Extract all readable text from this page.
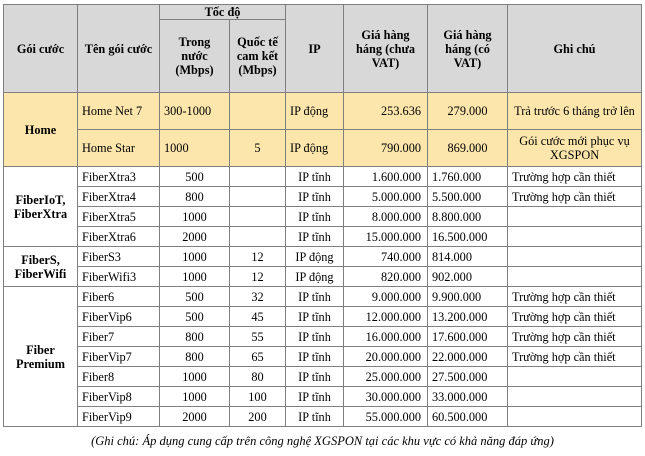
Gói cước	Tên gói cước	Tốc độ		IP	Giá hàng háng (chưa VAT)	Giá hàng háng (có VAT)	Ghi chú
		Trong nước (Mbps)	Quốc tế cam kết (Mbps)				
Home	Home Net 7	300-1000		IP động	253.636	279.000	Trả trước 6 tháng trở lên
	Home Star	1000	5	IP động	790.000	869.000	Gói cước mới phục vụ XGSPON
FiberIoT, FiberXtra	FiberXtra3	500		IP tĩnh	1.600.000	1.760.000	Trường hợp cần thiết
	FiberXtra4	800		IP tĩnh	5.000.000	5.500.000	Trường hợp cần thiết
	FiberXtra5	1000		IP tĩnh	8.000.000	8.800.000	
	FiberXtra6	2000		IP tĩnh	15.000.000	16.500.000	
FiberS, FiberWifi	FiberS3	1000	12	IP động	740.000	814.000	
	FiberWifi3	1000	12	IP động	820.000	902.000	
Fiber Premium	Fiber6	500	32	IP tĩnh	9.000.000	9.900.000	Trường hợp cần thiết
	FiberVip6	500	45	IP tĩnh	12.000.000	13.200.000	Trường hợp cần thiết
	Fiber7	800	55	IP tĩnh	16.000.000	17.600.000	Trường hợp cần thiết
	FiberVip7	800	65	IP tĩnh	20.000.000	22.000.000	Trường hợp cần thiết
	Fiber8	1000	80	IP tĩnh	25.000.000	27.500.000	
	FiberVip8	1000	100	IP tĩnh	30.000.000	33.000.000	
	FiberVip9	2000	200	IP tĩnh	55.000.000	60.500.000	
(Ghi chú: Áp dụng cung cấp trên công nghệ XGSPON tại các khu vực có khả năng đáp ứng)
